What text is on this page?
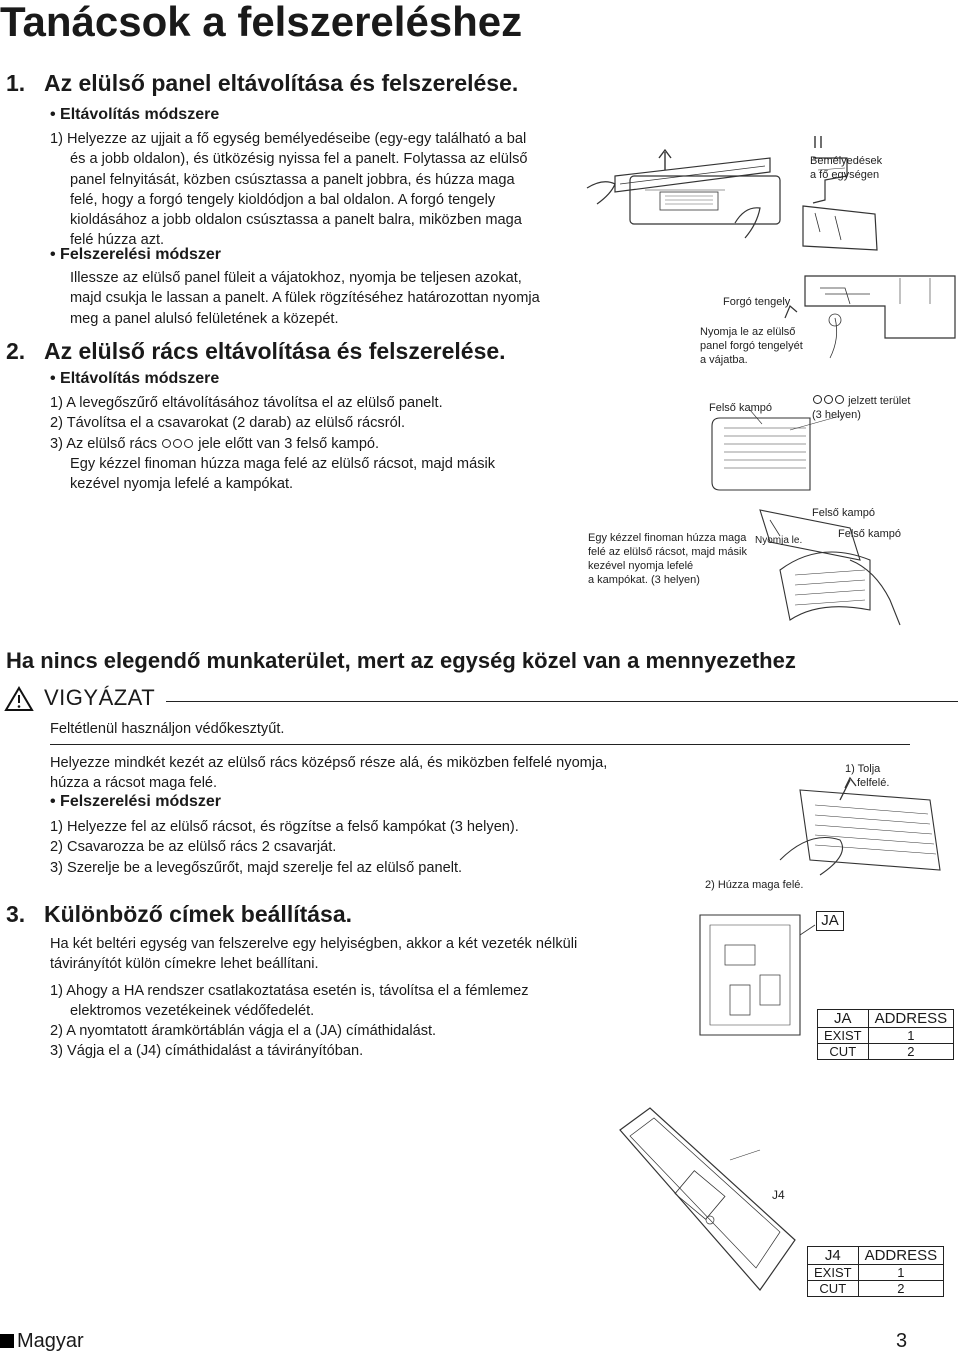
Tanácsok a felszereléshez
1. Az elülső panel eltávolítása és felszerelése.
• Eltávolítás módszere
1) Helyezze az ujjait a fő egység bemélyedéseibe (egy-egy található a bal
és a jobb oldalon), és ütközésig nyissa fel a panelt. Folytassa az elülső
panel felnyitását, közben csúsztassa a panelt jobbra, és húzza maga
felé, hogy a forgó tengely kioldódjon a bal oldalon. A forgó tengely
kioldásához a jobb oldalon csúsztassa a panelt balra, miközben maga
felé húzza azt.
• Felszerelési módszer
Illessze az elülső panel füleit a vájatokhoz, nyomja be teljesen azokat,
majd csukja le lassan a panelt. A fülek rögzítéséhez határozottan nyomja
meg a panel alulsó felületének a közepét.
Bemélyedések
a fő egységen
Forgó tengely
Nyomja le az elülső
panel forgó tengelyét
a vájatba.
2. Az elülső rács eltávolítása és felszerelése.
• Eltávolítás módszere
1) A levegőszűrő eltávolításához távolítsa el az elülső panelt.
2) Távolítsa el a csavarokat (2 darab) az elülső rácsról.
3) Az elülső rács ○ jele előtt van 3 felső kampó.
Egy kézzel finoman húzza maga felé az elülső rácsot, majd másik
kezével nyomja lefelé a kampókat.
Felső kampó
jelzett terület
(3 helyen)
Felső kampó
Felső kampó
Nyomja le.
Egy kézzel finoman húzza maga
felé az elülső rácsot, majd másik
kezével nyomja lefelé
a kampókat. (3 helyen)
Ha nincs elegendő munkaterület, mert az egység közel van a mennyezethez
VIGYÁZAT
Feltétlenül használjon védőkesztyűt.
Helyezze mindkét kezét az elülső rács középső része alá, és miközben felfelé nyomja,
húzza a rácsot maga felé.
• Felszerelési módszer
1) Helyezze fel az elülső rácsot, és rögzítse a felső kampókat (3 helyen).
2) Csavarozza be az elülső rács 2 csavarját.
3) Szerelje be a levegőszűrőt, majd szerelje fel az elülső panelt.
1) Tolja
felfelé.
2) Húzza maga felé.
3. Különböző címek beállítása.
Ha két beltéri egység van felszerelve egy helyiségben, akkor a két vezeték nélküli
távirányítót külön címekre lehet beállítani.
1) Ahogy a HA rendszer csatlakoztatása esetén is, távolítsa el a fémlemez
elektromos vezetékeinek védőfedelét.
2) A nyomtatott áramkörtáblán vágja el a (JA) címáthidalást.
3) Vágja el a (J4) címáthidalást a távirányítóban.
JA
JA	ADDRESS
EXIST	1
CUT	2
J4
J4	ADDRESS
EXIST	1
CUT	2
Magyar	3
